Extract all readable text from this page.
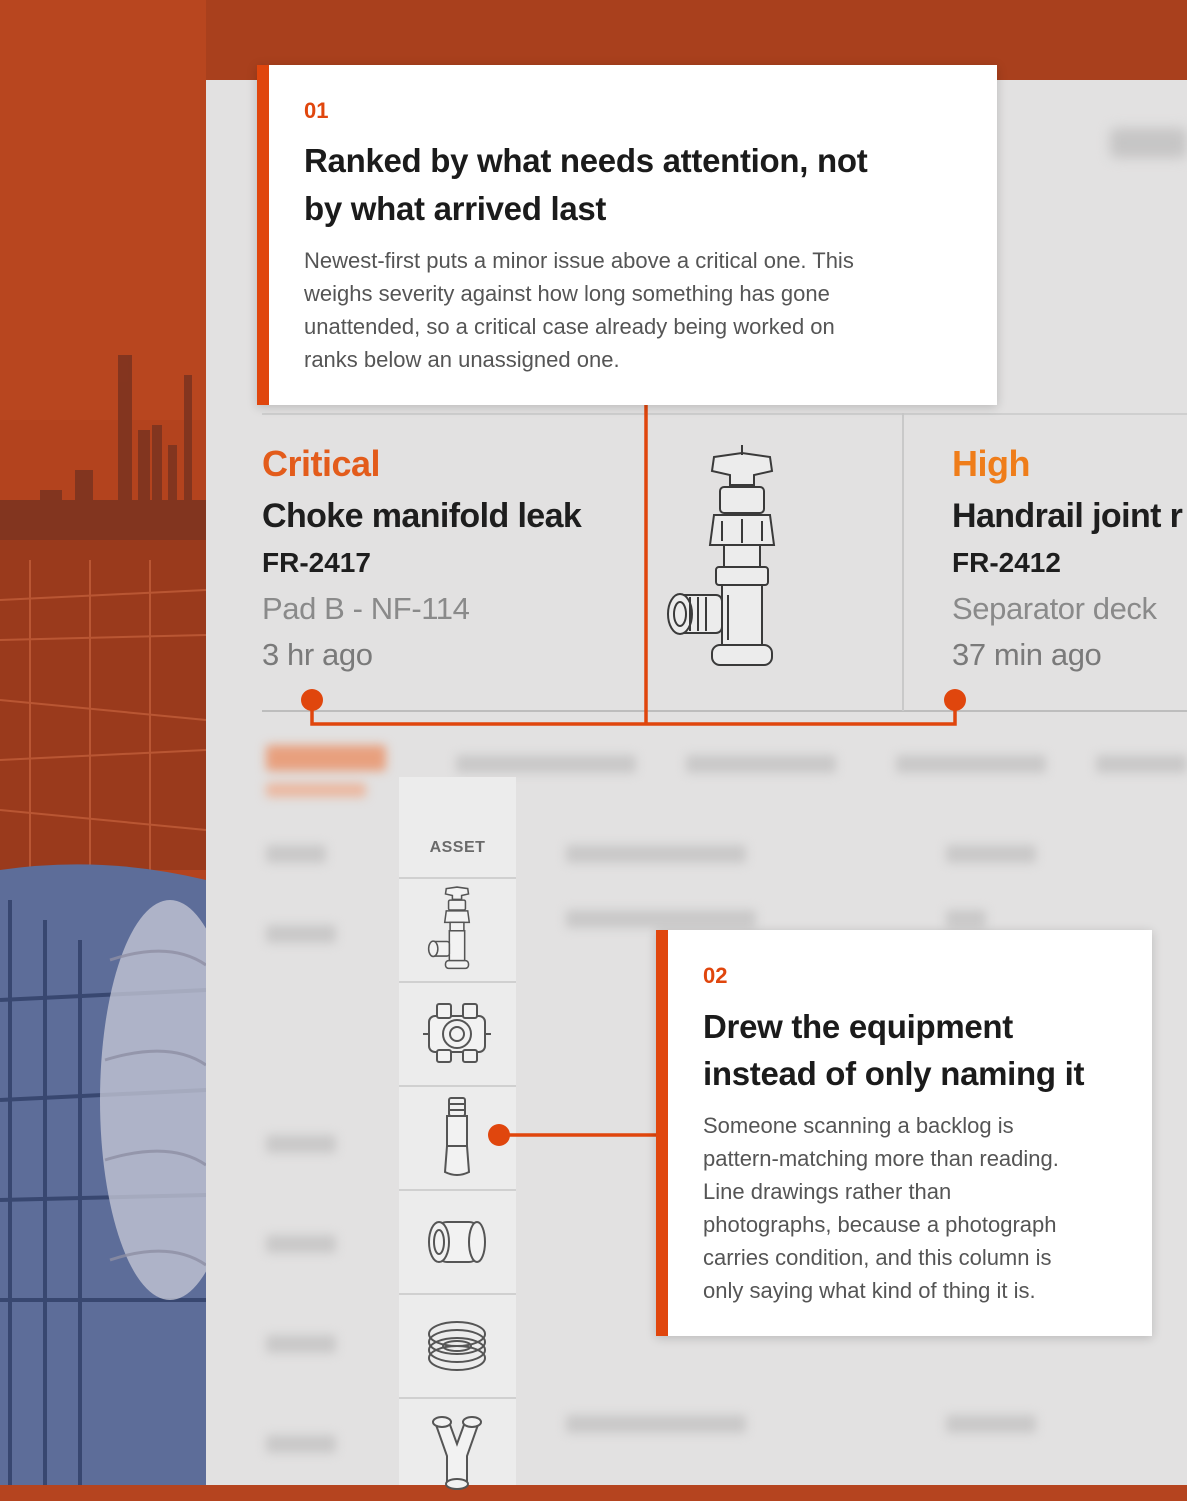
Critical
Choke manifold leak
FR-2417
Pad B - NF-114
3 hr ago
High
Handrail joint r
FR-2412
Separator deck
37 min ago
ASSET
01
Ranked by what needs attention, not
by what arrived last
Newest-first puts a minor issue above a critical one. This
weighs severity against how long something has gone
unattended, so a critical case already being worked on
ranks below an unassigned one.
02
Drew the equipment
instead of only naming it
Someone scanning a backlog is
pattern-matching more than reading.
Line drawings rather than
photographs, because a photograph
carries condition, and this column is
only saying what kind of thing it is.
